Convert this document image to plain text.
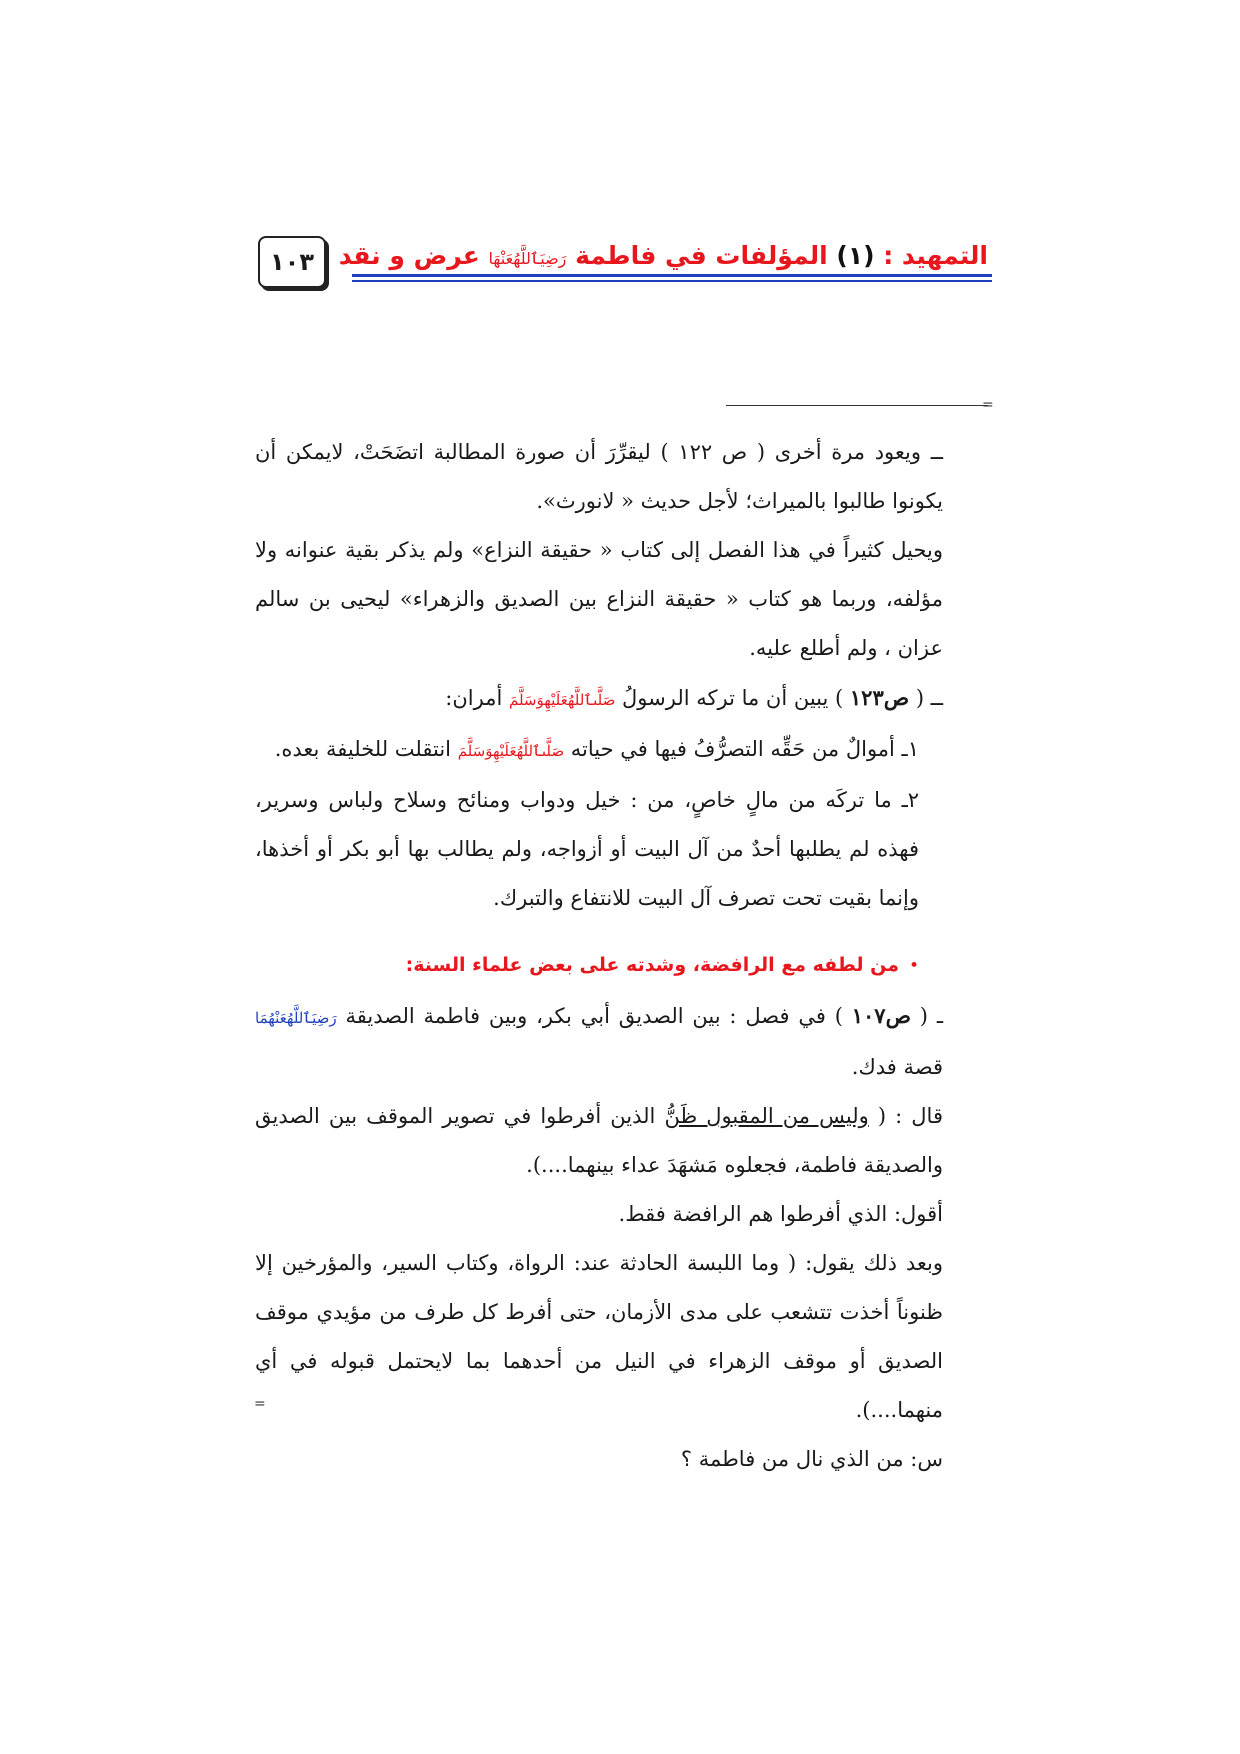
١٠٣	التمهيد : (١) المؤلفات في فاطمة رَضِيَٱللَّهُعَنْهَا عرض و نقد
=

ــ ويعود مرة أخرى ( ص ١٢٢ ) ليقرِّرَ أن صورة المطالبة اتضَحَتْ، لايمكن أن يكونوا طالبوا بالميراث؛ لأجل حديث « لانورث».

ويحيل كثيراً في هذا الفصل إلى كتاب « حقيقة النزاع» ولم يذكر بقية عنوانه ولا مؤلفه، وربما هو كتاب « حقيقة النزاع بين الصديق والزهراء» ليحيى بن سالم عزان ، ولم أطلع عليه.

ــ ( ص١٢٣ ) يبين أن ما تركه الرسولُ صَلَّىٱللَّهُعَلَيْهِوَسَلَّمَ أمران:

١ـ أموالٌ من حَقِّه التصرُّفُ فيها في حياته صَلَّىٱللَّهُعَلَيْهِوَسَلَّمَ انتقلت للخليفة بعده.

٢ـ ما تركَه من مالٍ خاصٍ، من : خيل ودواب ومنائح وسلاح ولباس وسرير، فهذه لم يطلبها أحدٌ من آل البيت أو أزواجه، ولم يطالب بها أبو بكر أو أخذها، وإنما بقيت تحت تصرف آل البيت للانتفاع والتبرك.

•من لطفه مع الرافضة، وشدته على بعض علماء السنة:

ـ ( ص١٠٧ ) في فصل : بين الصديق أبي بكر، وبين فاطمة الصديقة رَضِيَٱللَّهُعَنْهُمَا قصة فدك.

قال : ( وليس من المقبول ظَنُّ الذين أفرطوا في تصوير الموقف بين الصديق والصديقة فاطمة، فجعلوه مَشهَدَ عداء بينهما....).

أقول: الذي أفرطوا هم الرافضة فقط.

وبعد ذلك يقول: ( وما اللبسة الحادثة عند: الرواة، وكتاب السير، والمؤرخين إلا ظنوناً أخذت تتشعب على مدى الأزمان، حتى أفرط كل طرف من مؤيدي موقف الصديق أو موقف الزهراء في النيل من أحدهما بما لايحتمل قبوله في أي منهما....).

س: من الذي نال من فاطمة ؟

=
